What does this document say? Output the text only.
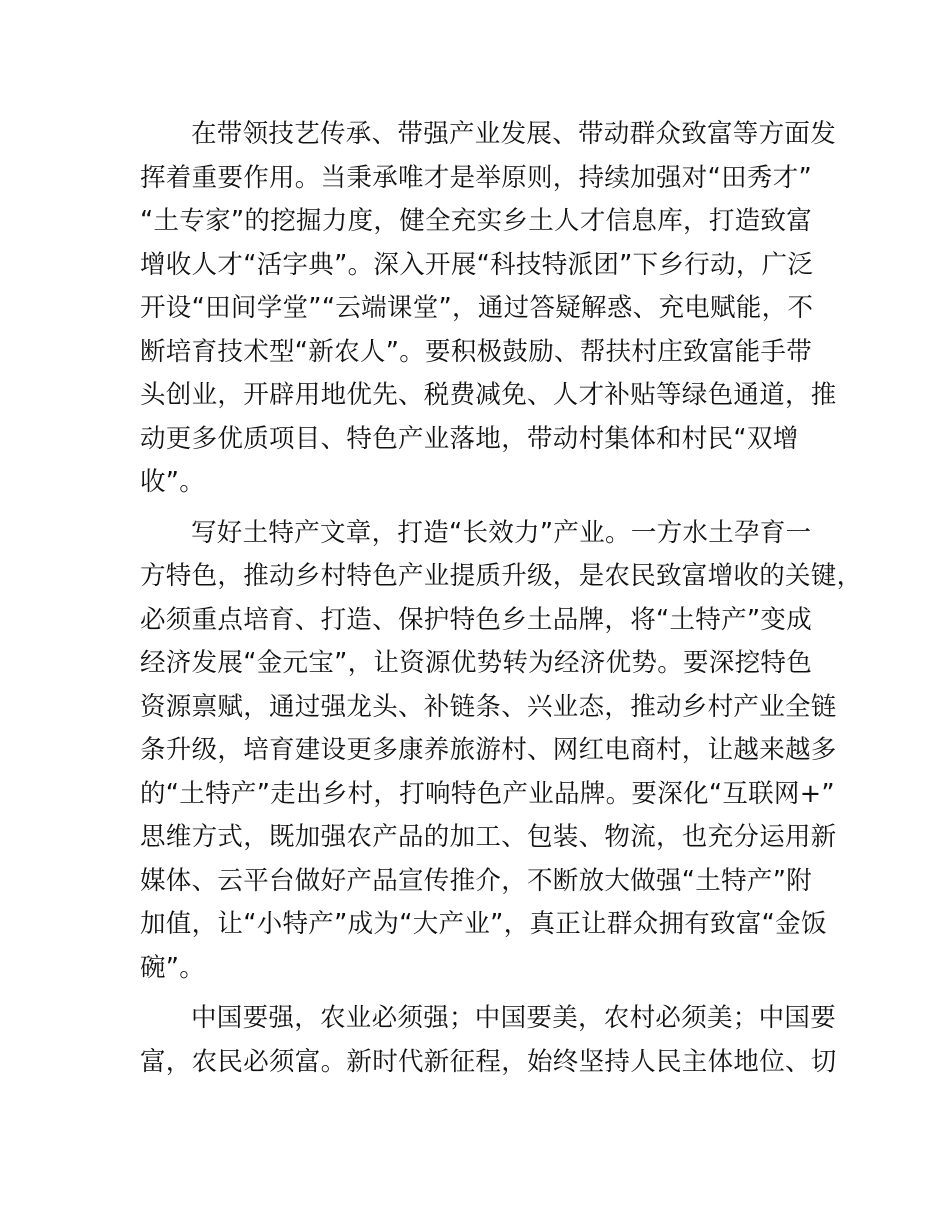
在带领技艺传承、带强产业发展、带动群众致富等方面发
挥着重要作用。当秉承唯才是举原则，持续加强对“田秀才”
“土专家”的挖掘力度，健全充实乡土人才信息库，打造致富
增收人才“活字典”。深入开展“科技特派团”下乡行动，广泛
开设“田间学堂”“云端课堂”，通过答疑解惑、充电赋能，不
断培育技术型“新农人”。要积极鼓励、帮扶村庄致富能手带
头创业，开辟用地优先、税费减免、人才补贴等绿色通道，推
动更多优质项目、特色产业落地，带动村集体和村民“双增
收”。
写好土特产文章，打造“长效力”产业。一方水土孕育一
方特色，推动乡村特色产业提质升级，是农民致富增收的关键，
必须重点培育、打造、保护特色乡土品牌，将“土特产”变成
经济发展“金元宝”，让资源优势转为经济优势。要深挖特色
资源禀赋，通过强龙头、补链条、兴业态，推动乡村产业全链
条升级，培育建设更多康养旅游村、网红电商村，让越来越多
的“土特产”走出乡村，打响特色产业品牌。要深化“互联网+”
思维方式，既加强农产品的加工、包装、物流，也充分运用新
媒体、云平台做好产品宣传推介，不断放大做强“土特产”附
加值，让“小特产”成为“大产业”，真正让群众拥有致富“金饭
碗”。
中国要强，农业必须强；中国要美，农村必须美；中国要
富，农民必须富。新时代新征程，始终坚持人民主体地位、切
